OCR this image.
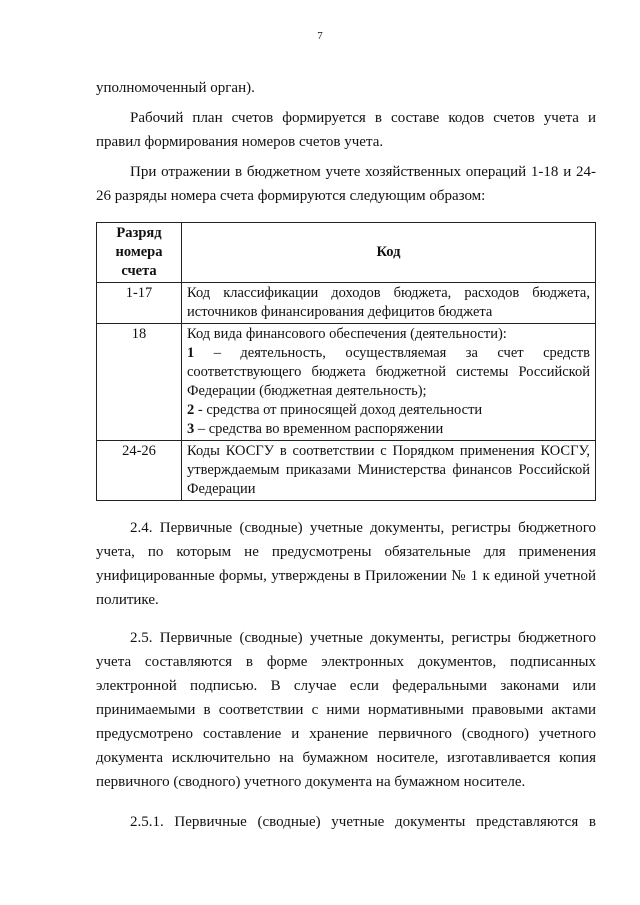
7

уполномоченный орган).

Рабочий план счетов формируется в составе кодов счетов учета и правил формирования номеров счетов учета.

При отражении в бюджетном учете хозяйственных операций 1-18 и 24-26 разряды номера счета формируются следующим образом:

Разряд номера счета	Код
1-17	Код классификации доходов бюджета, расходов бюджета, источников финансирования дефицитов бюджета
18	Код вида финансового обеспечения (деятельности):
1 – деятельность, осуществляемая за счет средств соответствующего бюджета бюджетной системы Российской Федерации (бюджетная деятельность);
2 - средства от приносящей доход деятельности
3 – средства во временном распоряжении

24-26	Коды КОСГУ в соответствии с Порядком применения КОСГУ, утверждаемым приказами Министерства финансов Российской Федерации

2.4. Первичные (сводные) учетные документы, регистры бюджетного учета, по которым не предусмотрены обязательные для применения унифицированные формы, утверждены в Приложении № 1 к единой учетной политике.

2.5. Первичные (сводные) учетные документы, регистры бюджетного учета составляются в форме электронных документов, подписанных электронной подписью. В случае если федеральными законами или принимаемыми в соответствии с ними нормативными правовыми актами предусмотрено составление и хранение первичного (сводного) учетного документа исключительно на бумажном носителе, изготавливается копия первичного (сводного) учетного документа на бумажном носителе.

2.5.1. Первичные (сводные) учетные документы представляются в
